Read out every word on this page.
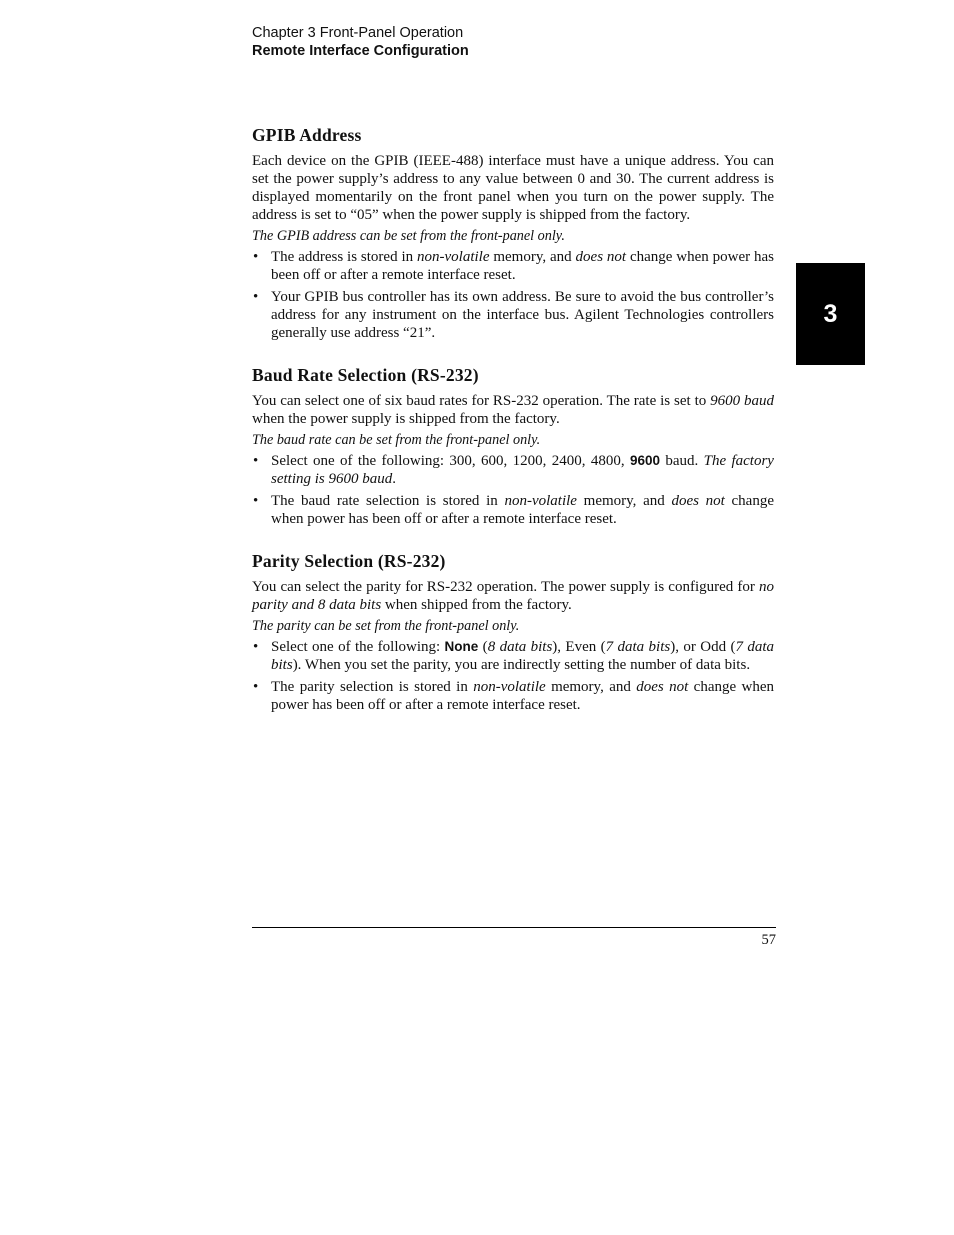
Chapter 3 Front-Panel Operation
Remote Interface Configuration
3
GPIB Address

Each device on the GPIB (IEEE-488) interface must have a unique address. You can set the power supply’s address to any value between 0 and 30. The current address is displayed momentarily on the front panel when you turn on the power supply. The address is set to “05” when the power supply is shipped from the factory.

The GPIB address can be set from the front-panel only.

• The address is stored in non-volatile memory, and does not change when power has been off or after a remote interface reset.
• Your GPIB bus controller has its own address. Be sure to avoid the bus controller’s address for any instrument on the interface bus. Agilent Technologies controllers generally use address “21”.
Baud Rate Selection (RS-232)

You can select one of six baud rates for RS-232 operation. The rate is set to 9600 baud when the power supply is shipped from the factory.

The baud rate can be set from the front-panel only.

• Select one of the following: 300, 600, 1200, 2400, 4800, 9600 baud. The factory setting is 9600 baud.
• The baud rate selection is stored in non-volatile memory, and does not change when power has been off or after a remote interface reset.
Parity Selection (RS-232)

You can select the parity for RS-232 operation. The power supply is configured for no parity and 8 data bits when shipped from the factory.

The parity can be set from the front-panel only.

• Select one of the following: None (8 data bits), Even (7 data bits), or Odd (7 data bits). When you set the parity, you are indirectly setting the number of data bits.
• The parity selection is stored in non-volatile memory, and does not change when power has been off or after a remote interface reset.
57
